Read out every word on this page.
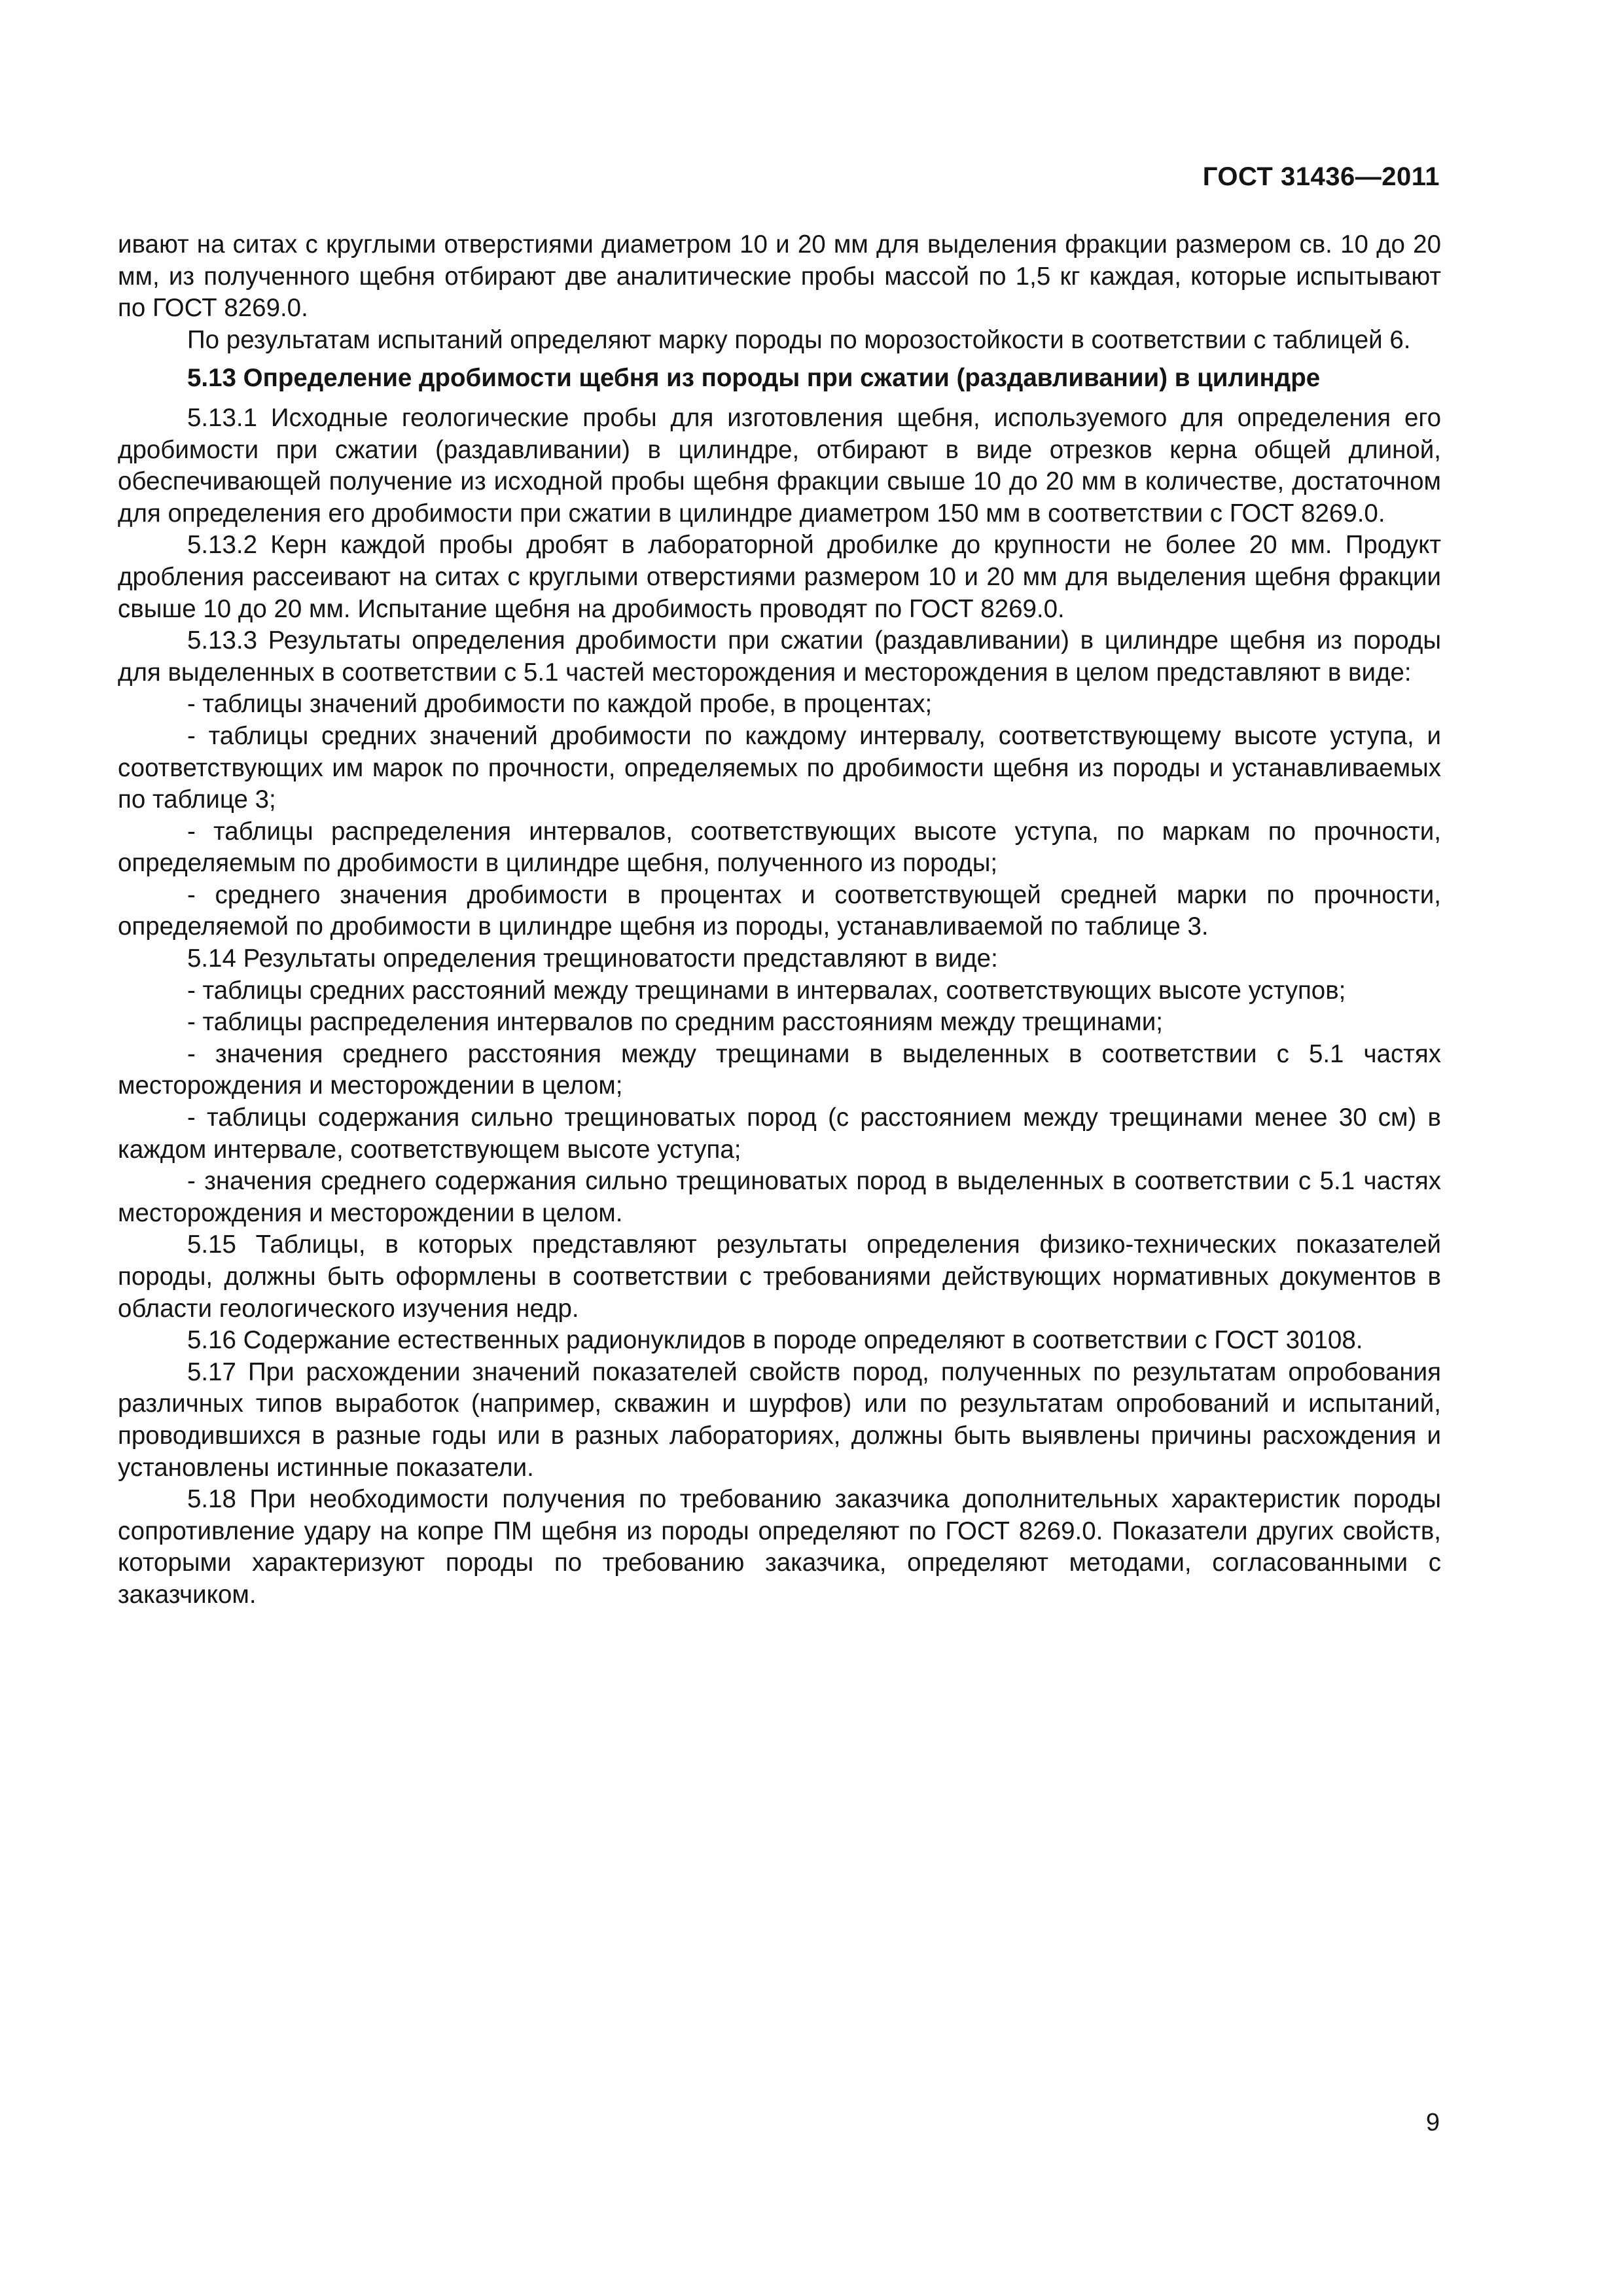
ГОСТ 31436—2011

ивают на ситах с круглыми отверстиями диаметром 10 и 20 мм для выделения фракции размером св. 10 до 20 мм, из полученного щебня отбирают две аналитические пробы массой по 1,5 кг каждая, которые испытывают по ГОСТ 8269.0.

По результатам испытаний определяют марку породы по морозостойкости в соответствии с таблицей 6.

5.13 Определение дробимости щебня из породы при сжатии (раздавливании) в цилиндре

5.13.1 Исходные геологические пробы для изготовления щебня, используемого для определения его дробимости при сжатии (раздавливании) в цилиндре, отбирают в виде отрезков керна общей длиной, обеспечивающей получение из исходной пробы щебня фракции свыше 10 до 20 мм в количестве, достаточном для определения его дробимости при сжатии в цилиндре диаметром 150 мм в соответствии с ГОСТ 8269.0.

5.13.2 Керн каждой пробы дробят в лабораторной дробилке до крупности не более 20 мм. Продукт дробления рассеивают на ситах с круглыми отверстиями размером 10 и 20 мм для выделения щебня фракции свыше 10 до 20 мм. Испытание щебня на дробимость проводят по ГОСТ 8269.0.

5.13.3 Результаты определения дробимости при сжатии (раздавливании) в цилиндре щебня из породы для выделенных в соответствии с 5.1 частей месторождения и месторождения в целом представляют в виде:

- таблицы значений дробимости по каждой пробе, в процентах;

- таблицы средних значений дробимости по каждому интервалу, соответствующему высоте уступа, и соответствующих им марок по прочности, определяемых по дробимости щебня из породы и устанавливаемых по таблице 3;

- таблицы распределения интервалов, соответствующих высоте уступа, по маркам по прочности, определяемым по дробимости в цилиндре щебня, полученного из породы;

- среднего значения дробимости в процентах и соответствующей средней марки по прочности, определяемой по дробимости в цилиндре щебня из породы, устанавливаемой по таблице 3.

5.14 Результаты определения трещиноватости представляют в виде:

- таблицы средних расстояний между трещинами в интервалах, соответствующих высоте уступов;

- таблицы распределения интервалов по средним расстояниям между трещинами;

- значения среднего расстояния между трещинами в выделенных в соответствии с 5.1 частях месторождения и месторождении в целом;

- таблицы содержания сильно трещиноватых пород (с расстоянием между трещинами менее 30 см) в каждом интервале, соответствующем высоте уступа;

- значения среднего содержания сильно трещиноватых пород в выделенных в соответствии с 5.1 частях месторождения и месторождении в целом.

5.15 Таблицы, в которых представляют результаты определения физико-технических показателей породы, должны быть оформлены в соответствии с требованиями действующих нормативных документов в области геологического изучения недр.

5.16 Содержание естественных радионуклидов в породе определяют в соответствии с ГОСТ 30108.

5.17 При расхождении значений показателей свойств пород, полученных по результатам опробования различных типов выработок (например, скважин и шурфов) или по результатам опробований и испытаний, проводившихся в разные годы или в разных лабораториях, должны быть выявлены причины расхождения и установлены истинные показатели.

5.18 При необходимости получения по требованию заказчика дополнительных характеристик породы сопротивление удару на копре ПМ щебня из породы определяют по ГОСТ 8269.0. Показатели других свойств, которыми характеризуют породы по требованию заказчика, определяют методами, согласованными с заказчиком.

9
